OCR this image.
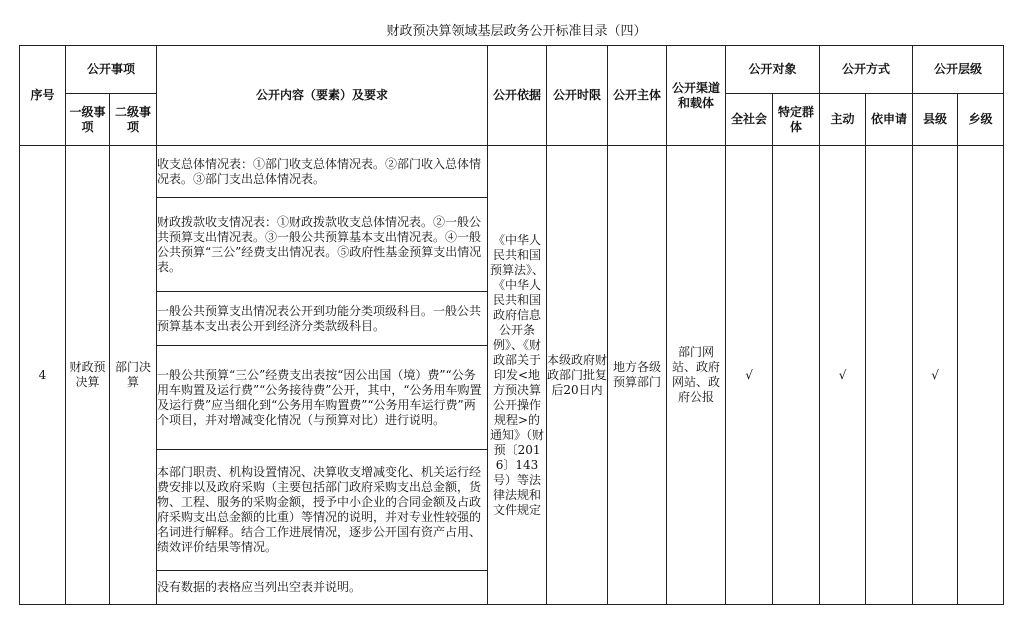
财政预决算领域基层政务公开标准目录（四）
序号	公开事项		公开内容（要素）及要求	公开依据	公开时限	公开主体	公开渠道和载体	公开对象		公开方式		公开层级	
	一级事项	二级事项						全社会	特定群体	主动	依申请	县级	乡级
4	财政预决算	部门决算	收支总体情况表：①部门收支总体情况表。②部门收入总体情况表。③部门支出总体情况表。	《中华人民共和国预算法》、《中华人民共和国政府信息公开条例》、《财政部关于印发<地方预决算公开操作规程>的通知》（财预〔2016〕143号）等法律法规和文件规定	本级政府财政部门批复后20日内	地方各级预算部门	部门网站、政府网站、政府公报	√		√		√	
			财政拨款收支情况表：①财政拨款收支总体情况表。②一般公共预算支出情况表。③一般公共预算基本支出情况表。④一般公共预算“三公”经费支出情况表。⑤政府性基金预算支出情况表。										
			一般公共预算支出情况表公开到功能分类项级科目。一般公共预算基本支出表公开到经济分类款级科目。										
			一般公共预算“三公”经费支出表按“因公出国（境）费”“公务用车购置及运行费”“公务接待费”公开，其中，“公务用车购置及运行费”应当细化到“公务用车购置费”“公务用车运行费”两个项目，并对增减变化情况（与预算对比）进行说明。										
			本部门职责、机构设置情况、决算收支增减变化、机关运行经费安排以及政府采购（主要包括部门政府采购支出总金额，货物、工程、服务的采购金额，授予中小企业的合同金额及占政府采购支出总金额的比重）等情况的说明，并对专业性较强的名词进行解释。结合工作进展情况，逐步公开国有资产占用、绩效评价结果等情况。										
			没有数据的表格应当列出空表并说明。										
